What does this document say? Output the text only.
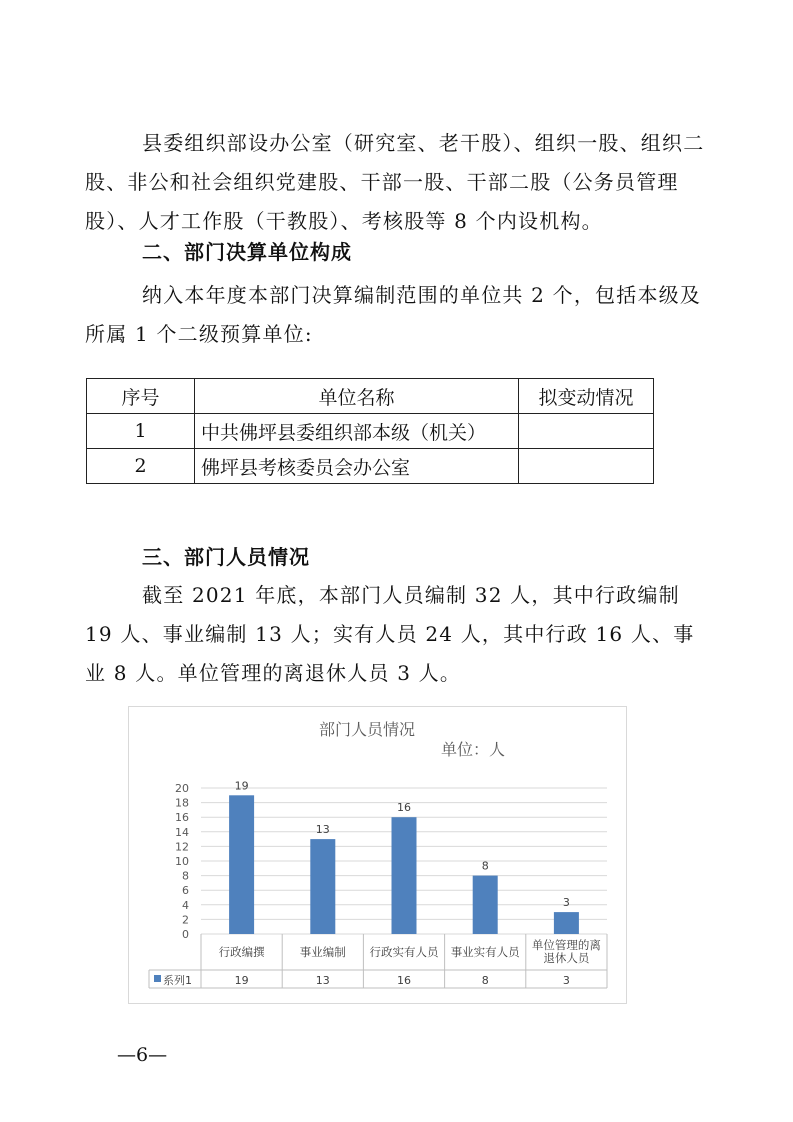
县委组织部设办公室（研究室、老干股）、组织一股、组织二股、非公和社会组织党建股、干部一股、干部二股（公务员管理股）、人才工作股（干教股）、考核股等 8 个内设机构。

二、部门决算单位构成

纳入本年度本部门决算编制范围的单位共 2 个，包括本级及所属 1 个二级预算单位:

序号	单位名称	拟变动情况
1	中共佛坪县委组织部本级（机关）	
2	佛坪县考核委员会办公室	

三、部门人员情况

截至 2021 年底，本部门人员编制 32 人，其中行政编制 19 人、事业编制 13 人；实有人员 24 人，其中行政 16 人、事业 8 人。单位管理的离退休人员 3 人。

部门人员情况
单位：人
0
2
4
6
8
10
12
14
16
18
20	19
行政编撰
19
13
事业编制
13
16
行政实有人员
16
8
事业实有人员
8
3
单位管理的离
退休人员
3
系列1
—6—
